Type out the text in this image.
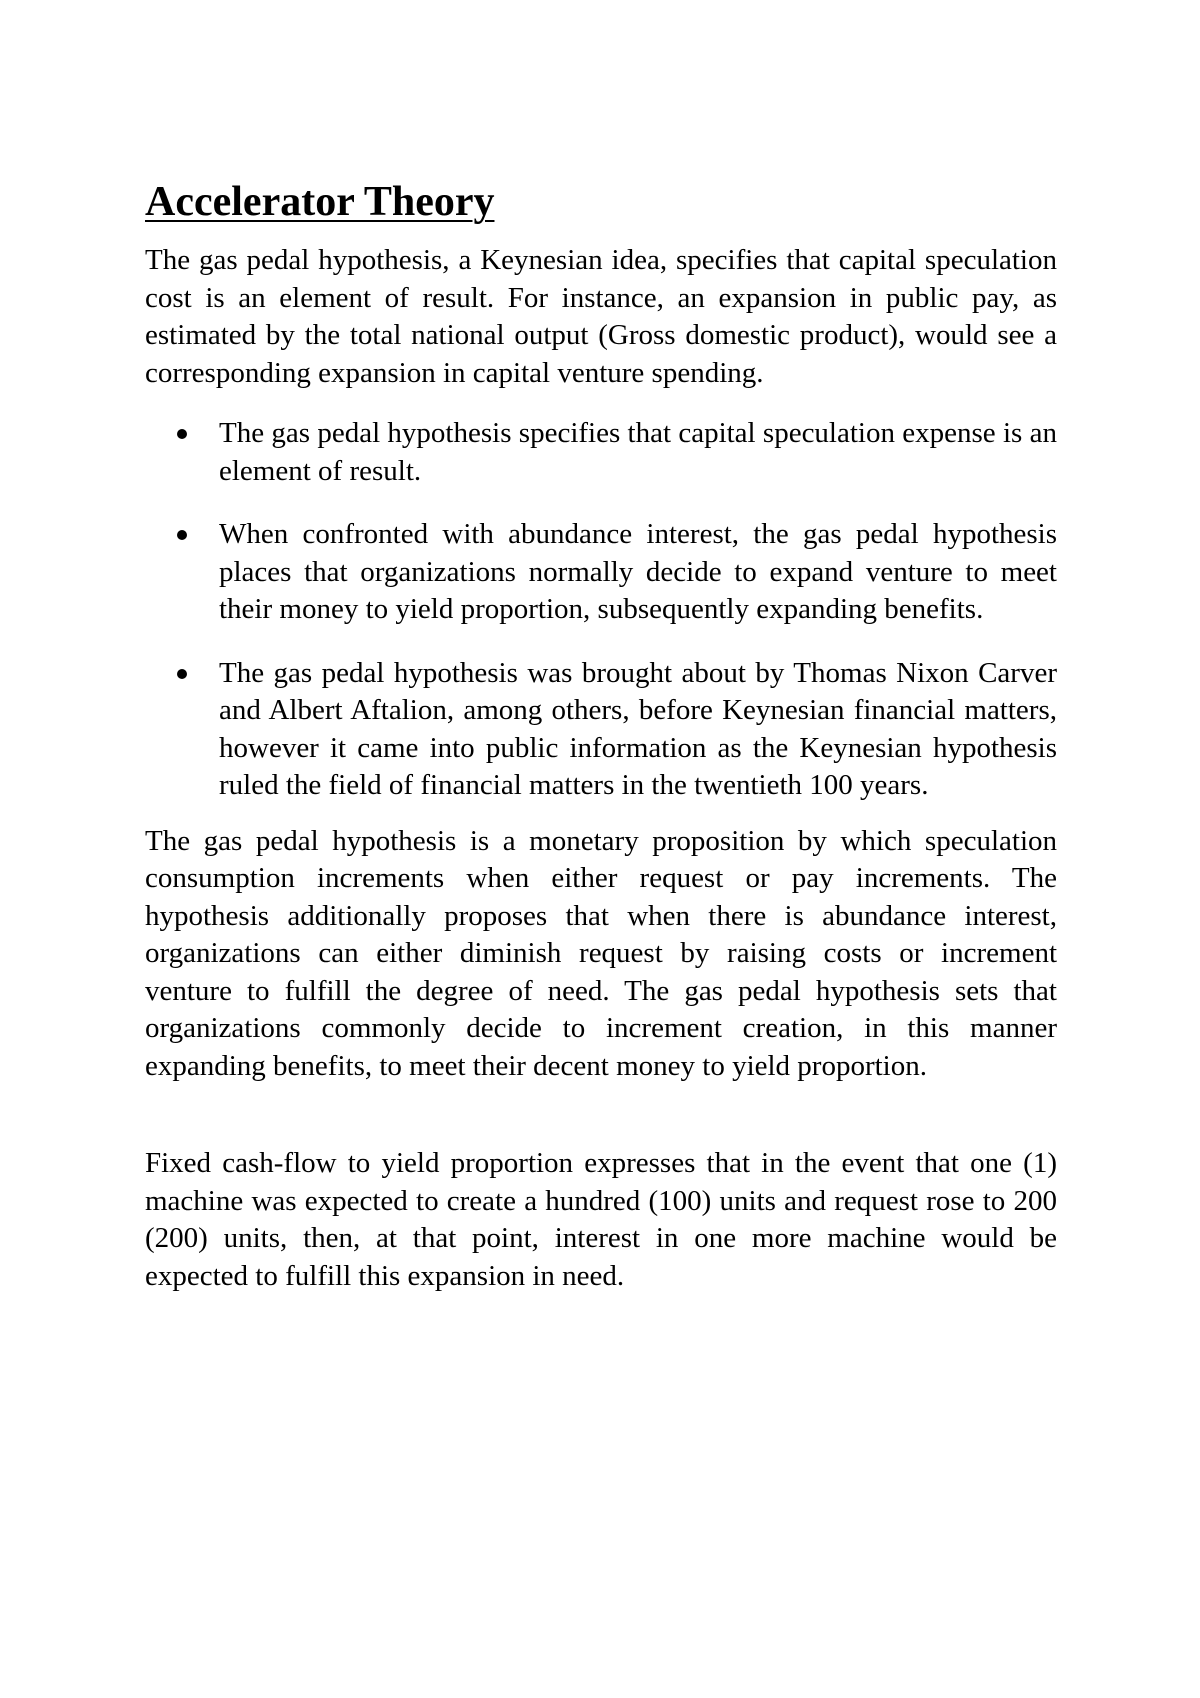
Accelerator Theory

The gas pedal hypothesis, a Keynesian idea, specifies that capital speculation cost is an element of result. For instance, an expansion in public pay, as estimated by the total national output (Gross domestic product), would see a corresponding expansion in capital venture spending.

The gas pedal hypothesis specifies that capital speculation expense is an element of result.
When confronted with abundance interest, the gas pedal hypothesis places that organizations normally decide to expand venture to meet their money to yield proportion, subsequently expanding benefits.
The gas pedal hypothesis was brought about by Thomas Nixon Carver and Albert Aftalion, among others, before Keynesian financial matters, however it came into public information as the Keynesian hypothesis ruled the field of financial matters in the twentieth 100 years.

The gas pedal hypothesis is a monetary proposition by which speculation consumption increments when either request or pay increments. The hypothesis additionally proposes that when there is abundance interest, organizations can either diminish request by raising costs or increment venture to fulfill the degree of need. The gas pedal hypothesis sets that organizations commonly decide to increment creation, in this manner expanding benefits, to meet their decent money to yield proportion.

Fixed cash-flow to yield proportion expresses that in the event that one (1) machine was expected to create a hundred (100) units and request rose to 200 (200) units, then, at that point, interest in one more machine would be expected to fulfill this expansion in need.
